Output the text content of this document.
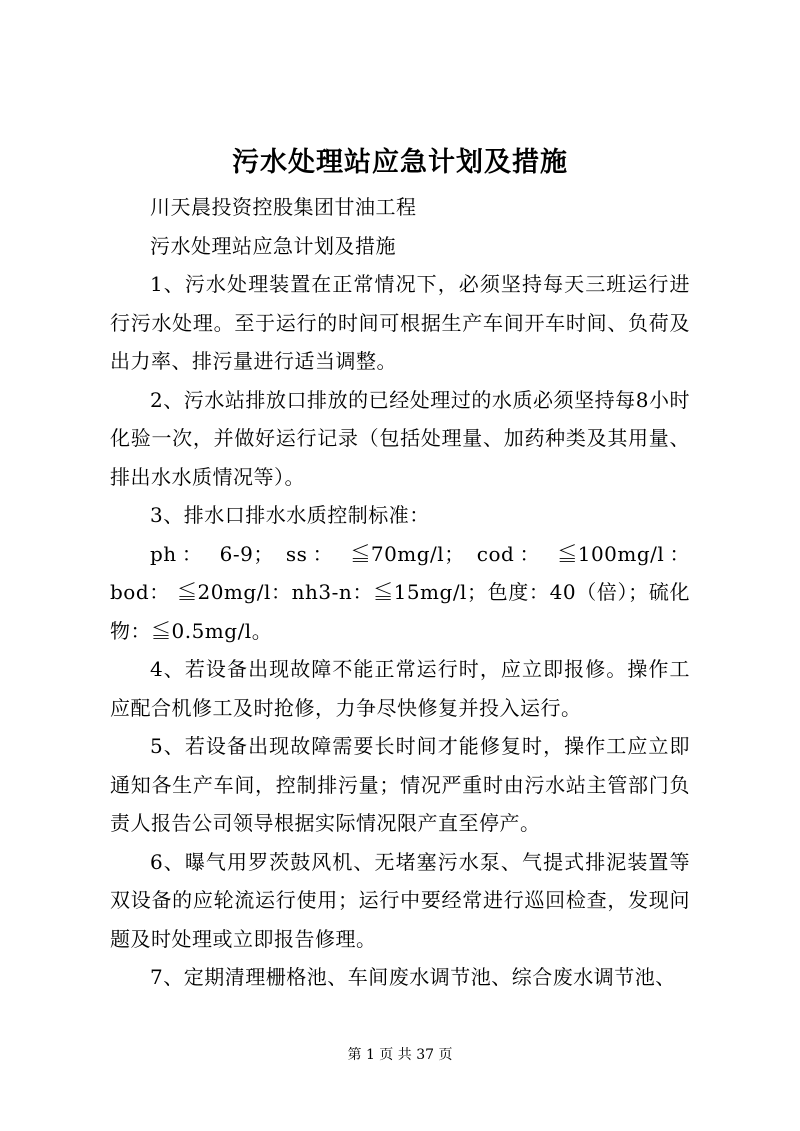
污水处理站应急计划及措施

川天晨投资控股集团甘油工程

污水处理站应急计划及措施

1、污水处理装置在正常情况下，必须坚持每天三班运行进行污水处理。至于运行的时间可根据生产车间开车时间、负荷及出力率、排污量进行适当调整。

2、污水站排放口排放的已经处理过的水质必须坚持每8小时化验一次，并做好运行记录（包括处理量、加药种类及其用量、排出水水质情况等）。

3、排水口排水水质控制标准：

ph： 6-9； ss： ≦70mg/l； cod： ≦100mg/l： bod： ≦20mg/l：nh3-n：≦15mg/l；色度：40（倍）；硫化物：≦0.5mg/l。

4、若设备出现故障不能正常运行时，应立即报修。操作工应配合机修工及时抢修，力争尽快修复并投入运行。

5、若设备出现故障需要长时间才能修复时，操作工应立即通知各生产车间，控制排污量；情况严重时由污水站主管部门负责人报告公司领导根据实际情况限产直至停产。

6、曝气用罗茨鼓风机、无堵塞污水泵、气提式排泥装置等双设备的应轮流运行使用；运行中要经常进行巡回检查，发现问题及时处理或立即报告修理。

7、定期清理栅格池、车间废水调节池、综合废水调节池、

第 1 页 共 37 页
